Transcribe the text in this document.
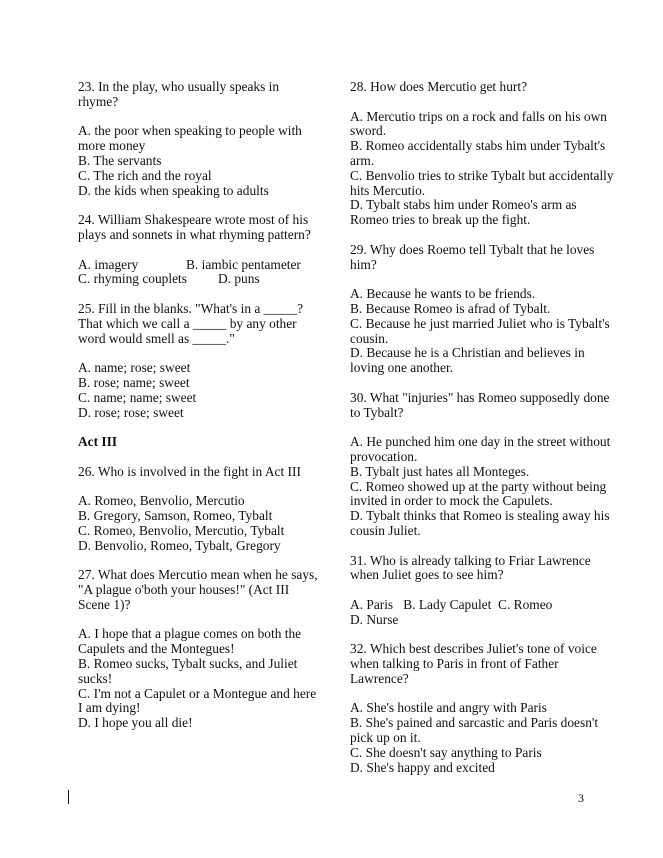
23. In the play, who usually speaks in rhyme?

A. the poor when speaking to people with more money
B. The servants
C. The rich and the royal
D. the kids when speaking to adults

24. William Shakespeare wrote most of his plays and sonnets in what rhyming pattern?

A. imagery	B. iambic pentameter
C. rhyming couplets D. puns

25. Fill in the blanks. "What's in a _____? That which we call a _____ by any other word would smell as _____."

A. name; rose; sweet
B. rose; name; sweet
C. name; name; sweet
D. rose; rose; sweet
Act III

26. Who is involved in the fight in Act III

A. Romeo, Benvolio, Mercutio
B. Gregory, Samson, Romeo, Tybalt
C. Romeo, Benvolio, Mercutio, Tybalt
D. Benvolio, Romeo, Tybalt, Gregory

27. What does Mercutio mean when he says, "A plague o'both your houses!" (Act III Scene 1)?

A. I hope that a plague comes on both the Capulets and the Montegues!
B. Romeo sucks, Tybalt sucks, and Juliet sucks!
C. I'm not a Capulet or a Montegue and here I am dying!
D. I hope you all die!

28. How does Mercutio get hurt?

A. Mercutio trips on a rock and falls on his own sword.
B. Romeo accidentally stabs him under Tybalt's arm.
C. Benvolio tries to strike Tybalt but accidentally hits Mercutio.
D. Tybalt stabs him under Romeo's arm as Romeo tries to break up the fight.

29. Why does Roemo tell Tybalt that he loves him?

A. Because he wants to be friends.
B. Because Romeo is afrad of Tybalt.
C. Because he just married Juliet who is Tybalt's cousin.
D. Because he is a Christian and believes in loving one another.

30. What "injuries" has Romeo supposedly done to Tybalt?

A. He punched him one day in the street without provocation.
B. Tybalt just hates all Monteges.
C. Romeo showed up at the party without being invited in order to mock the Capulets.
D. Tybalt thinks that Romeo is stealing away his cousin Juliet.

31. Who is already talking to Friar Lawrence when Juliet goes to see him?

A. Paris   B. Lady Capulet  C. Romeo
D. Nurse

32. Which best describes Juliet's tone of voice when talking to Paris in front of Father Lawrence?

A. She's hostile and angry with Paris
B. She's pained and sarcastic and Paris doesn't pick up on it.
C. She doesn't say anything to Paris
D. She's happy and excited
3
